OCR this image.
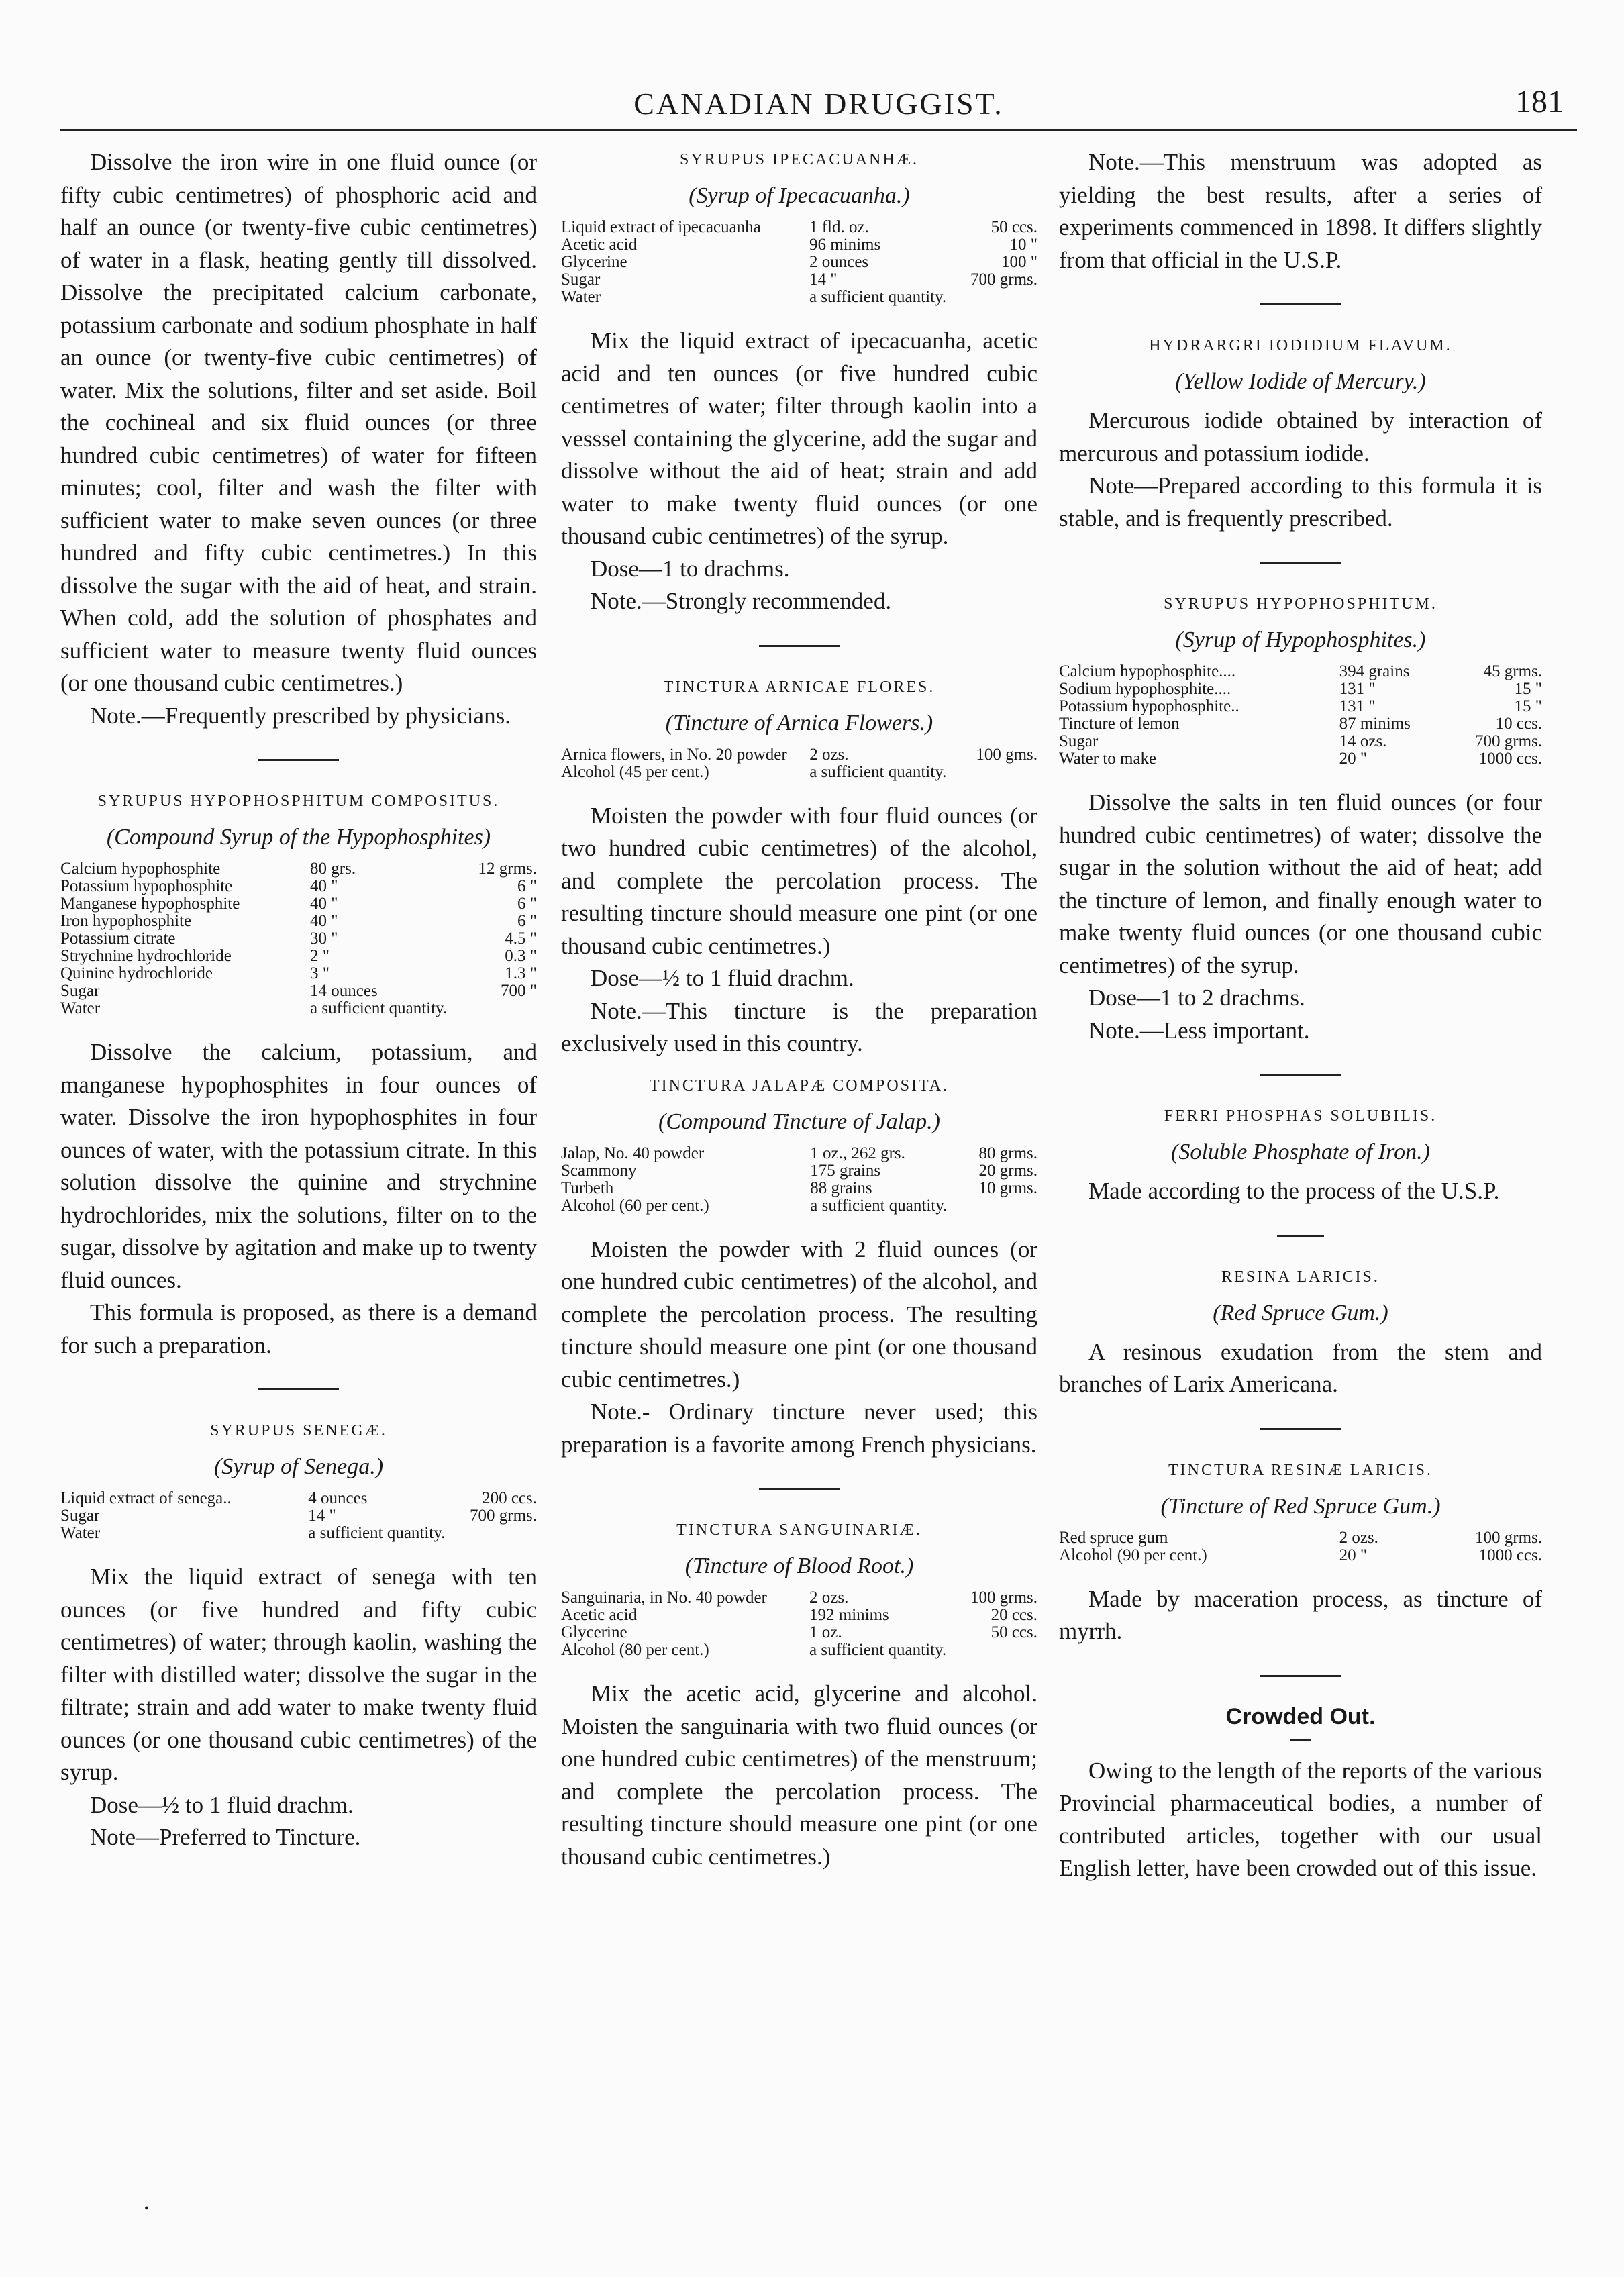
CANADIAN DRUGGIST.	181

Dissolve the iron wire in one fluid ounce (or fifty cubic centimetres) of phosphoric acid and half an ounce (or twenty-five cubic centimetres) of water in a flask, heating gently till dissolved. Dissolve the precipitated calcium carbonate, potassium carbonate and sodium phosphate in half an ounce (or twenty-five cubic centimetres) of water. Mix the solutions, filter and set aside. Boil the cochineal and six fluid ounces (or three hundred cubic centimetres) of water for fifteen minutes; cool, filter and wash the filter with sufficient water to make seven ounces (or three hundred and fifty cubic centimetres.) In this dissolve the sugar with the aid of heat, and strain. When cold, add the solution of phosphates and sufficient water to measure twenty fluid ounces (or one thousand cubic centimetres.)

Note.—Frequently prescribed by physicians.

SYRUPUS HYPOPHOSPHITUM COMPOSITUS.
(Compound Syrup of the Hypophosphites)
Calcium hypophosphite	80 grs.	12 grms.
Potassium hypophosphite	40 "	6 "
Manganese hypophosphite	40 "	6 "
Iron hypophosphite	40 "	6 "
Potassium citrate	30 "	4.5 "
Strychnine hydrochloride	2 "	0.3 "
Quinine hydrochloride	3 "	1.3 "
Sugar	14 ounces	700 "
Water	a sufficient quantity.	

Dissolve the calcium, potassium, and manganese hypophosphites in four ounces of water. Dissolve the iron hypophosphites in four ounces of water, with the potassium citrate. In this solution dissolve the quinine and strychnine hydrochlorides, mix the solutions, filter on to the sugar, dissolve by agitation and make up to twenty fluid ounces.

This formula is proposed, as there is a demand for such a preparation.

SYRUPUS SENEGÆ.
(Syrup of Senega.)
Liquid extract of senega..	4 ounces	200 ccs.
Sugar	14 "	700 grms.
Water	a sufficient quantity.	

Mix the liquid extract of senega with ten ounces (or five hundred and fifty cubic centimetres) of water; through kaolin, washing the filter with distilled water; dissolve the sugar in the filtrate; strain and add water to make twenty fluid ounces (or one thousand cubic centimetres) of the syrup.

Dose—½ to 1 fluid drachm.

Note—Preferred to Tincture.

SYRUPUS IPECACUANHÆ.
(Syrup of Ipecacuanha.)
Liquid extract of ipecacuanha	1 fld. oz.	50 ccs.
Acetic acid	96 minims	10 "
Glycerine	2 ounces	100 "
Sugar	14 "	700 grms.
Water	a sufficient quantity.	

Mix the liquid extract of ipecacuanha, acetic acid and ten ounces (or five hundred cubic centimetres of water; filter through kaolin into a vesssel containing the glycerine, add the sugar and dissolve without the aid of heat; strain and add water to make twenty fluid ounces (or one thousand cubic centimetres) of the syrup.

Dose—1 to drachms.

Note.—Strongly recommended.

TINCTURA ARNICAE FLORES.
(Tincture of Arnica Flowers.)
Arnica flowers, in No. 20 powder	2 ozs.	100 gms.
Alcohol (45 per cent.)	a sufficient quantity.	

Moisten the powder with four fluid ounces (or two hundred cubic centimetres) of the alcohol, and complete the percolation process. The resulting tincture should measure one pint (or one thousand cubic centimetres.)

Dose—½ to 1 fluid drachm.

Note.—This tincture is the preparation exclusively used in this country.

TINCTURA JALAPÆ COMPOSITA.
(Compound Tincture of Jalap.)
Jalap, No. 40 powder	1 oz., 262 grs.	80 grms.
Scammony	175 grains	20 grms.
Turbeth	88 grains	10 grms.
Alcohol (60 per cent.)	a sufficient quantity.	

Moisten the powder with 2 fluid ounces (or one hundred cubic centimetres) of the alcohol, and complete the percolation process. The resulting tincture should measure one pint (or one thousand cubic centimetres.)

Note.- Ordinary tincture never used; this preparation is a favorite among French physicians.

TINCTURA SANGUINARIÆ.
(Tincture of Blood Root.)
Sanguinaria, in No. 40 powder	2 ozs.	100 grms.
Acetic acid	192 minims	20 ccs.
Glycerine	1 oz.	50 ccs.
Alcohol (80 per cent.)	a sufficient quantity.	

Mix the acetic acid, glycerine and alcohol. Moisten the sanguinaria with two fluid ounces (or one hundred cubic centimetres) of the menstruum; and complete the percolation process. The resulting tincture should measure one pint (or one thousand cubic centimetres.)

Note.—This menstruum was adopted as yielding the best results, after a series of experiments commenced in 1898. It differs slightly from that official in the U.S.P.

HYDRARGRI IODIDIUM FLAVUM.
(Yellow Iodide of Mercury.)

Mercurous iodide obtained by interaction of mercurous and potassium iodide.

Note—Prepared according to this formula it is stable, and is frequently prescribed.

SYRUPUS HYPOPHOSPHITUM.
(Syrup of Hypophosphites.)
Calcium hypophosphite....	394 grains	45 grms.
Sodium hypophosphite....	131 "	15 "
Potassium hypophosphite..	131 "	15 "
Tincture of lemon	87 minims	10 ccs.
Sugar	14 ozs.	700 grms.
Water to make	20 "	1000 ccs.

Dissolve the salts in ten fluid ounces (or four hundred cubic centimetres) of water; dissolve the sugar in the solution without the aid of heat; add the tincture of lemon, and finally enough water to make twenty fluid ounces (or one thousand cubic centimetres) of the syrup.

Dose—1 to 2 drachms.

Note.—Less important.

FERRI PHOSPHAS SOLUBILIS.
(Soluble Phosphate of Iron.)

Made according to the process of the U.S.P.

RESINA LARICIS.
(Red Spruce Gum.)

A resinous exudation from the stem and branches of Larix Americana.

TINCTURA RESINÆ LARICIS.
(Tincture of Red Spruce Gum.)
Red spruce gum	2 ozs.	100 grms.
Alcohol (90 per cent.)	20 "	1000 ccs.

Made by maceration process, as tincture of myrrh.

Crowded Out.

Owing to the length of the reports of the various Provincial pharmaceutical bodies, a number of contributed articles, together with our usual English letter, have been crowded out of this issue.

•
